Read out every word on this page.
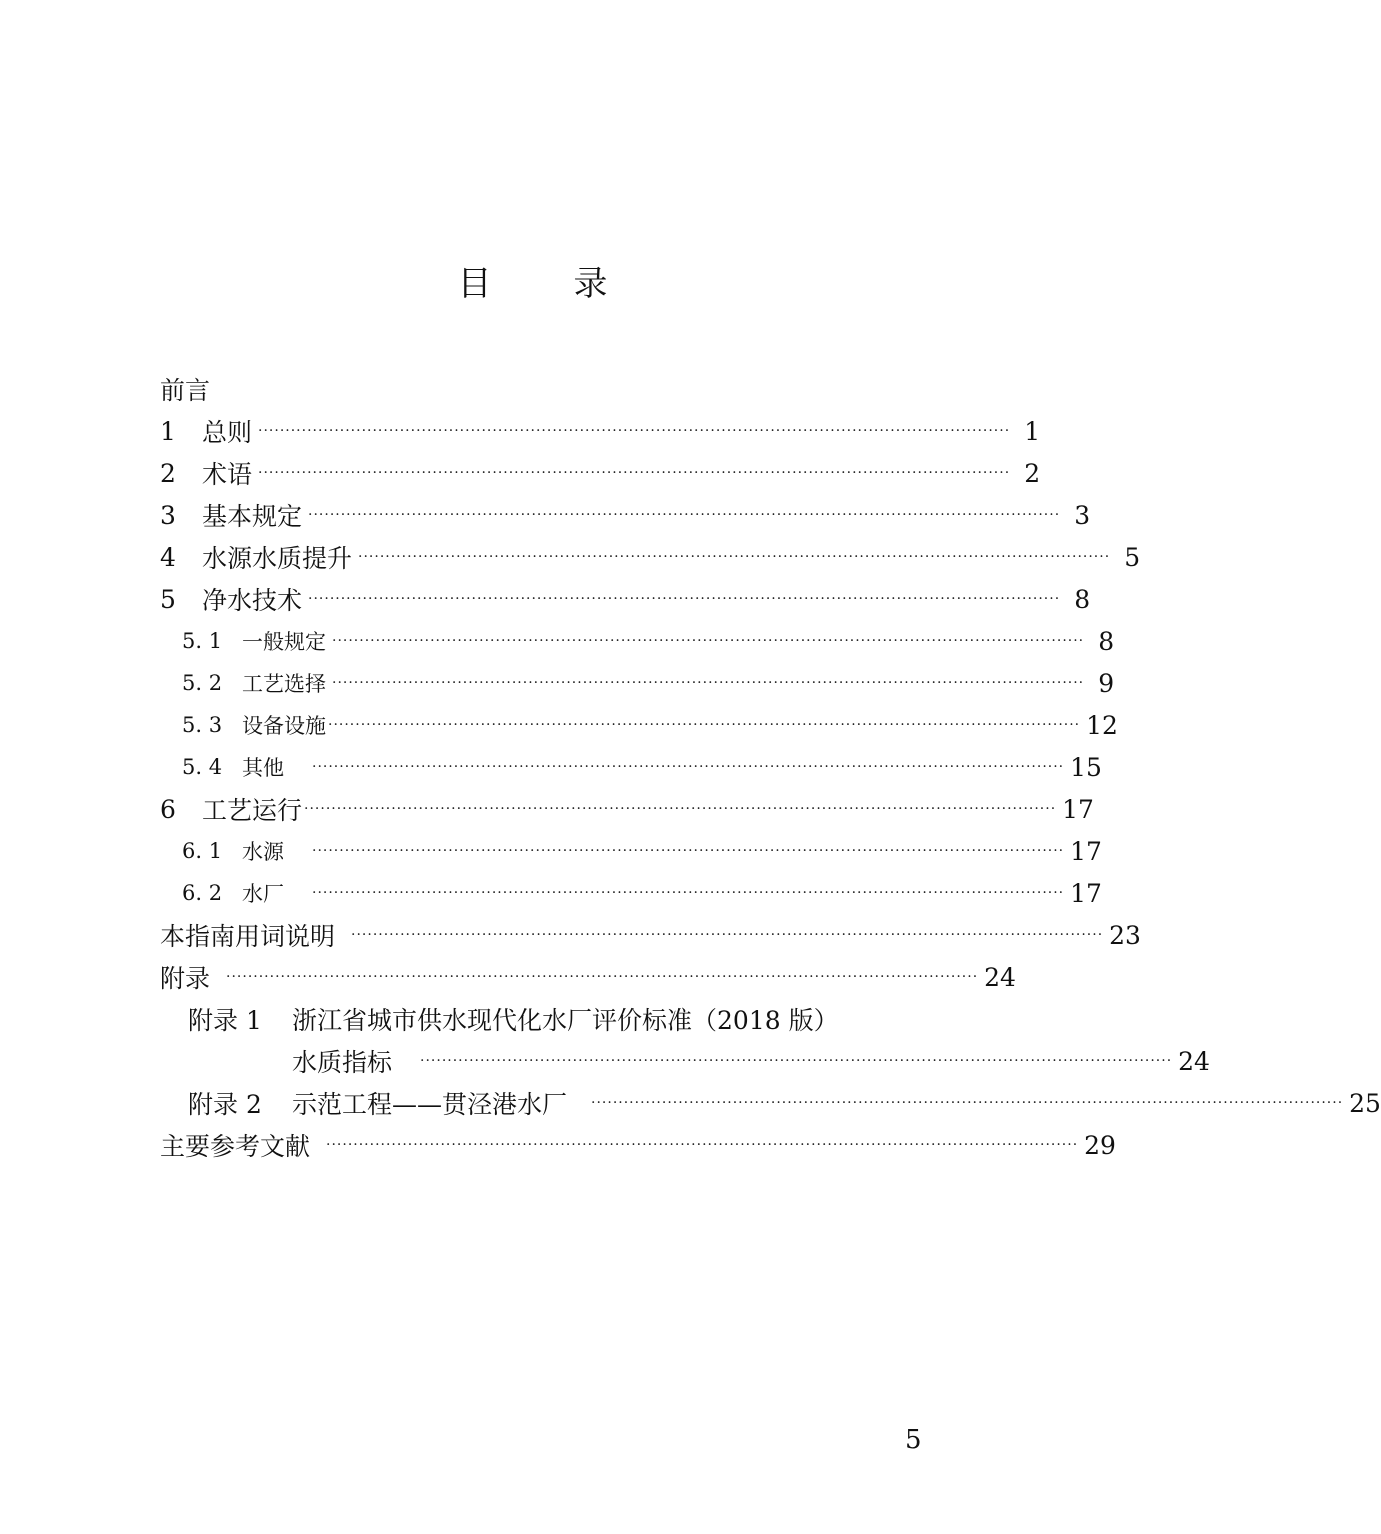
目 录
前言
1	总则 ·········································································································································· 1
2	术语 ·········································································································································· 2
3	基本规定 ·········································································································································· 3
4	水源水质提升 ·········································································································································· 5
5	净水技术 ·········································································································································· 8
5. 1 一般规定 ·········································································································································· 8
5. 2 工艺选择 ·········································································································································· 9
5. 3 设备设施 ·········································································································································· 12
5. 4 其他 ·········································································································································· 15
6	工艺运行 ·········································································································································· 17
6. 1 水源 ·········································································································································· 17
6. 2 水厂 ·········································································································································· 17
本指南用词说明 ·········································································································································· 23
附录 ·········································································································································· 24
附录 1	浙江省城市供水现代化水厂评价标准（2018 版）
水质指标 ·········································································································································· 24
附录 2	示范工程——贯泾港水厂 ·········································································································································· 25
主要参考文献 ·········································································································································· 29
5
